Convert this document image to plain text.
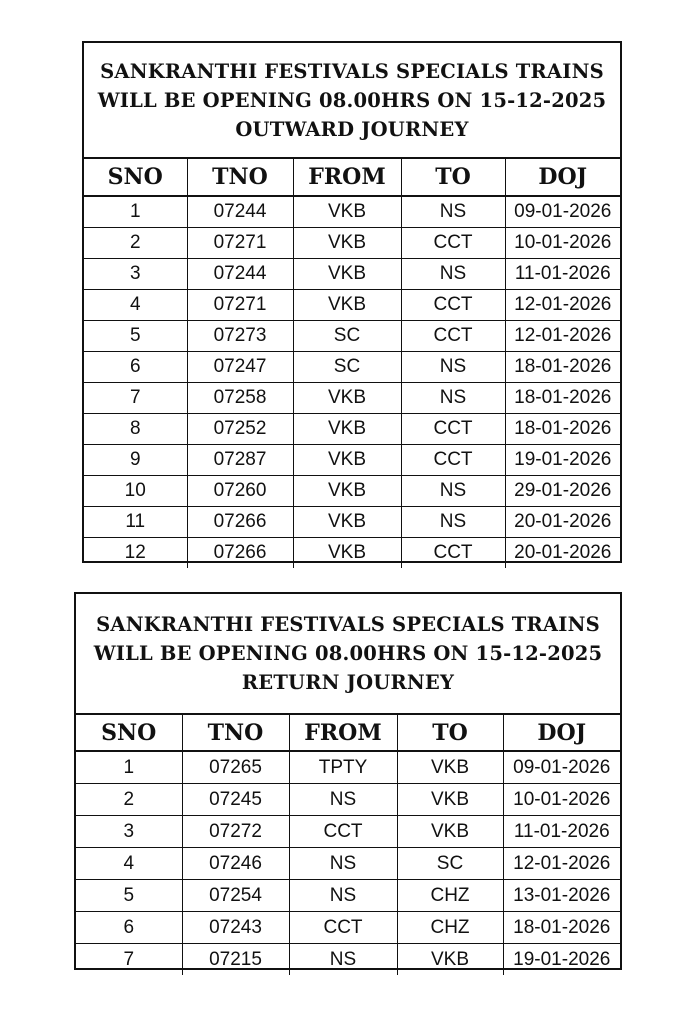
SANKRANTHI FESTIVALS SPECIALS TRAINS
WILL BE OPENING 08.00HRS ON 15-12-2025
OUTWARD JOURNEY
SNO	TNO	FROM	TO	DOJ
1	07244	VKB	NS	09-01-2026
2	07271	VKB	CCT	10-01-2026
3	07244	VKB	NS	11-01-2026
4	07271	VKB	CCT	12-01-2026
5	07273	SC	CCT	12-01-2026
6	07247	SC	NS	18-01-2026
7	07258	VKB	NS	18-01-2026
8	07252	VKB	CCT	18-01-2026
9	07287	VKB	CCT	19-01-2026
10	07260	VKB	NS	29-01-2026
11	07266	VKB	NS	20-01-2026
12	07266	VKB	CCT	20-01-2026
SANKRANTHI FESTIVALS SPECIALS TRAINS
WILL BE OPENING 08.00HRS ON 15-12-2025
RETURN JOURNEY
SNO	TNO	FROM	TO	DOJ
1	07265	TPTY	VKB	09-01-2026
2	07245	NS	VKB	10-01-2026
3	07272	CCT	VKB	11-01-2026
4	07246	NS	SC	12-01-2026
5	07254	NS	CHZ	13-01-2026
6	07243	CCT	CHZ	18-01-2026
7	07215	NS	VKB	19-01-2026
